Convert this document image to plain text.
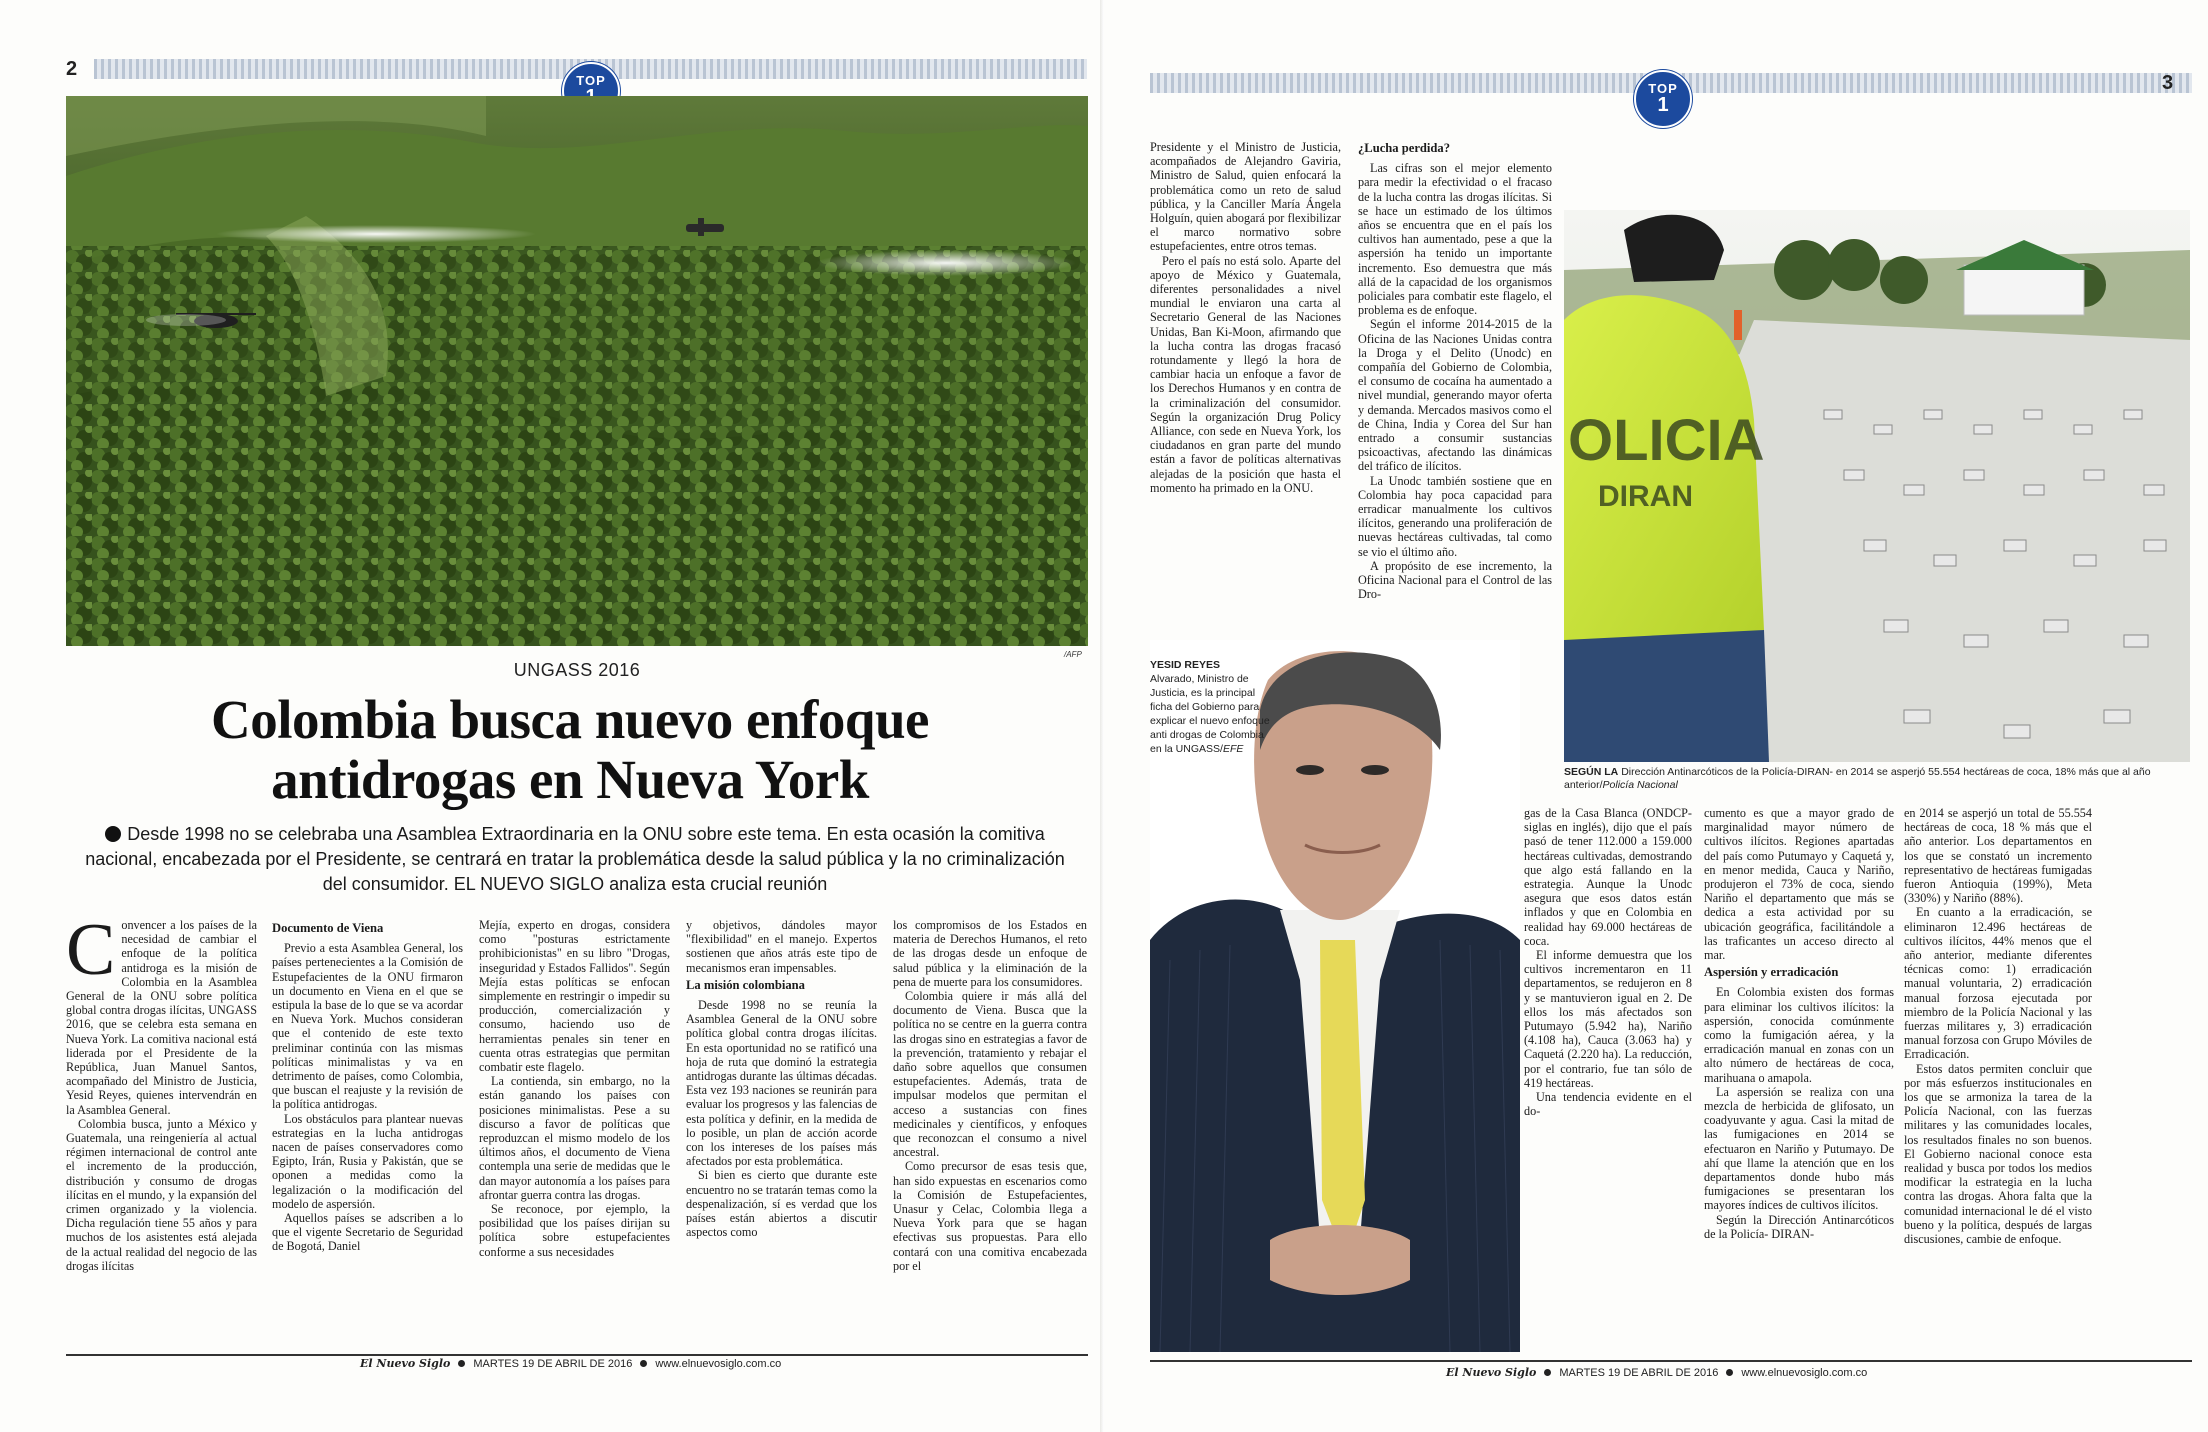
2
TOP
/AFP
UNGASS 2016
Colombia busca nuevo enfoque antidrogas en Nueva York
Desde 1998 no se celebraba una Asamblea Extraordinaria en la ONU sobre este tema. En esta ocasión la comitiva nacional, encabezada por el Presidente, se centrará en tratar la problemática desde la salud pública y la no criminalización del consumidor. EL NUEVO SIGLO analiza esta crucial reunión

Convencer a los países de la necesidad de cambiar el enfoque de la política antidroga es la misión de Colombia en la Asamblea General de la ONU sobre política global contra drogas ilícitas, UNGASS 2016, que se celebra esta semana en Nueva York. La comitiva nacional está liderada por el Presidente de la República, Juan Manuel Santos, acompañado del Ministro de Justicia, Yesid Reyes, quienes intervendrán en la Asamblea General.

Colombia busca, junto a México y Guatemala, una reingeniería al actual régimen internacional de control ante el incremento de la producción, distribución y consumo de drogas ilícitas en el mundo, y la expansión del crimen organizado y la violencia. Dicha regulación tiene 55 años y para muchos de los asistentes está alejada de la actual realidad del negocio de las drogas ilícitas

Documento de Viena

Previo a esta Asamblea General, los países pertenecientes a la Comisión de Estupefacientes de la ONU firmaron un documento en Viena en el que se estipula la base de lo que se va acordar en Nueva York. Muchos consideran que el contenido de este texto preliminar continúa con las mismas políticas minimalistas y va en detrimento de países, como Colombia, que buscan el reajuste y la revisión de la política antidrogas.

Los obstáculos para plantear nuevas estrategias en la lucha antidrogas nacen de países conservadores como Egipto, Irán, Rusia y Pakistán, que se oponen a medidas como la legalización o la modificación del modelo de aspersión.

Aquellos países se adscriben a lo que el vigente Secretario de Seguridad de Bogotá, Daniel

Mejía, experto en drogas, considera como "posturas estrictamente prohibicionistas" en su libro "Drogas, inseguridad y Estados Fallidos". Según Mejía estas políticas se enfocan simplemente en restringir o impedir su producción, comercialización y consumo, haciendo uso de herramientas penales sin tener en cuenta otras estrategias que permitan combatir este flagelo.

La contienda, sin embargo, no la están ganando los países con posiciones minimalistas. Pese a su discurso a favor de políticas que reproduzcan el mismo modelo de los últimos años, el documento de Viena contempla una serie de medidas que le dan mayor autonomía a los países para afrontar guerra contra las drogas.

Se reconoce, por ejemplo, la posibilidad que los países dirijan su política sobre estupefacientes conforme a sus necesidades

y objetivos, dándoles mayor "flexibilidad" en el manejo. Expertos sostienen que años atrás este tipo de mecanismos eran impensables.

La misión colombiana

Desde 1998 no se reunía la Asamblea General de la ONU sobre política global contra drogas ilícitas. En esta oportunidad no se ratificó una hoja de ruta que dominó la estrategia antidrogas durante las últimas décadas. Esta vez 193 naciones se reunirán para evaluar los progresos y las falencias de esta política y definir, en la medida de lo posible, un plan de acción acorde con los intereses de los países más afectados por esta problemática.

Si bien es cierto que durante este encuentro no se tratarán temas como la despenalización, sí es verdad que los países están abiertos a discutir aspectos como

los compromisos de los Estados en materia de Derechos Humanos, el reto de las drogas desde un enfoque de salud pública y la eliminación de la pena de muerte para los consumidores.

Colombia quiere ir más allá del documento de Viena. Busca que la política no se centre en la guerra contra las drogas sino en estrategias a favor de la prevención, tratamiento y rebajar el daño sobre aquellos que consumen estupefacientes. Además, trata de impulsar modelos que permitan el acceso a sustancias con fines medicinales y científicos, y enfoques que reconozcan el consumo a nivel ancestral.

Como precursor de esas tesis que, han sido expuestas en escenarios como la Comisión de Estupefacientes, Unasur y Celac, Colombia llega a Nueva York para que se hagan efectivas sus propuestas. Para ello contará con una comitiva encabezada por el

El Nuevo Siglo MARTES 19 DE ABRIL DE 2016 www.elnuevosiglo.com.co
TOP
1
3
OLICIA
DIRAN
SEGÚN LA Dirección Antinarcóticos de la Policía-DIRAN- en 2014 se asperjó 55.554 hectáreas de coca, 18% más que al año anterior/Policía Nacional
YESID REYES
Alvarado, Ministro de Justicia, es la principal ficha del Gobierno para explicar el nuevo enfoque anti drogas de Colombia en la UNGASS/EFE

Presidente y el Ministro de Justicia, acompañados de Alejandro Gaviria, Ministro de Salud, quien enfocará la problemática como un reto de salud pública, y la Canciller María Ángela Holguín, quien abogará por flexibilizar el marco normativo sobre estupefacientes, entre otros temas.

Pero el país no está solo. Aparte del apoyo de México y Guatemala, diferentes personalidades a nivel mundial le enviaron una carta al Secretario General de las Naciones Unidas, Ban Ki-Moon, afirmando que la lucha contra las drogas fracasó rotundamente y llegó la hora de cambiar hacia un enfoque a favor de los Derechos Humanos y en contra de la criminalización del consumidor. Según la organización Drug Policy Alliance, con sede en Nueva York, los ciudadanos en gran parte del mundo están a favor de políticas alternativas alejadas de la posición que hasta el momento ha primado en la ONU.

¿Lucha perdida?

Las cifras son el mejor elemento para medir la efectividad o el fracaso de la lucha contra las drogas ilícitas. Si se hace un estimado de los últimos años se encuentra que en el país los cultivos han aumentado, pese a que la aspersión ha tenido un importante incremento. Eso demuestra que más allá de la capacidad de los organismos policiales para combatir este flagelo, el problema es de enfoque.

Según el informe 2014-2015 de la Oficina de las Naciones Unidas contra la Droga y el Delito (Unodc) en compañía del Gobierno de Colombia, el consumo de cocaína ha aumentado a nivel mundial, generando mayor oferta y demanda. Mercados masivos como el de China, India y Corea del Sur han entrado a consumir sustancias psicoactivas, afectando las dinámicas del tráfico de ilícitos.

La Unodc también sostiene que en Colombia hay poca capacidad para erradicar manualmente los cultivos ilícitos, generando una proliferación de nuevas hectáreas cultivadas, tal como se vio el último año.

A propósito de ese incremento, la Oficina Nacional para el Control de las Dro-

gas de la Casa Blanca (ONDCP-siglas en inglés), dijo que el país pasó de tener 112.000 a 159.000 hectáreas cultivadas, demostrando que algo está fallando en la estrategia. Aunque la Unodc asegura que esos datos están inflados y que en Colombia en realidad hay 69.000 hectáreas de coca.

El informe demuestra que los cultivos incrementaron en 11 departamentos, se redujeron en 8 y se mantuvieron igual en 2. De ellos los más afectados son Putumayo (5.942 ha), Nariño (4.108 ha), Cauca (3.063 ha) y Caquetá (2.220 ha). La reducción, por el contrario, fue tan sólo de 419 hectáreas.

Una tendencia evidente en el do-

cumento es que a mayor grado de marginalidad mayor número de cultivos ilícitos. Regiones apartadas del país como Putumayo y Caquetá y, en menor medida, Cauca y Nariño, produjeron el 73% de coca, siendo Nariño el departamento que más se dedica a esta actividad por su ubicación geográfica, facilitándole a las traficantes un acceso directo al mar.

Aspersión y erradicación

En Colombia existen dos formas para eliminar los cultivos ilícitos: la aspersión, conocida comúnmente como la fumigación aérea, y la erradicación manual en zonas con un alto número de hectáreas de coca, marihuana o amapola.

La aspersión se realiza con una mezcla de herbicida de glifosato, un coadyuvante y agua. Casi la mitad de las fumigaciones en 2014 se efectuaron en Nariño y Putumayo. De ahí que llame la atención que en los departamentos donde hubo más fumigaciones se presentaran los mayores índices de cultivos ilícitos.

Según la Dirección Antinarcóticos de la Policía- DIRAN-

en 2014 se asperjó un total de 55.554 hectáreas de coca, 18 % más que el año anterior. Los departamentos en los que se constató un incremento representativo de hectáreas fumigadas fueron Antioquia (199%), Meta (330%) y Nariño (88%).

En cuanto a la erradicación, se eliminaron 12.496 hectáreas de cultivos ilícitos, 44% menos que el año anterior, mediante diferentes técnicas como: 1) erradicación manual voluntaria, 2) erradicación manual forzosa ejecutada por miembro de la Policía Nacional y las fuerzas militares y, 3) erradicación manual forzosa con Grupo Móviles de Erradicación.

Estos datos permiten concluir que por más esfuerzos institucionales en los que se armoniza la tarea de la Policía Nacional, con las fuerzas militares y las comunidades locales, los resultados finales no son buenos. El Gobierno nacional conoce esta realidad y busca por todos los medios modificar la estrategia en la lucha contra las drogas. Ahora falta que la comunidad internacional le dé el visto bueno y la política, después de largas discusiones, cambie de enfoque.

El Nuevo Siglo MARTES 19 DE ABRIL DE 2016 www.elnuevosiglo.com.co
